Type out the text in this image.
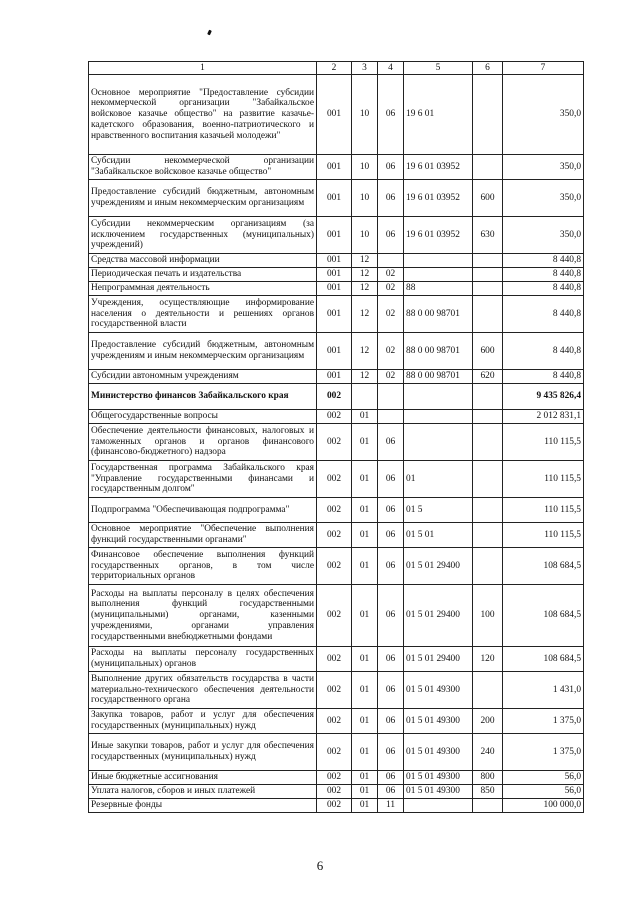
1	2	3	4	5	6	7
Основное мероприятие "Предоставление субсидии некоммерческой организации "Забайкальское войсковое казачье общество" на развитие казачье-кадетского образования, военно-патриотического и нравственного воспитания казачьей молодежи"	001	10	06	19 6 01		350,0
Субсидии некоммерческой организации "Забайкальское войсковое казачье общество"	001	10	06	19 6 01 03952		350,0
Предоставление субсидий бюджетным, автономным учреждениям и иным некоммерческим организациям	001	10	06	19 6 01 03952	600	350,0
Субсидии некоммерческим организациям (за исключением государственных (муниципальных) учреждений)	001	10	06	19 6 01 03952	630	350,0
Средства массовой информации	001	12				8 440,8
Периодическая печать и издательства	001	12	02			8 440,8
Непрограммная деятельность	001	12	02	88		8 440,8
Учреждения, осуществляющие информирование населения о деятельности и решениях органов государственной власти	001	12	02	88 0 00 98701		8 440,8
Предоставление субсидий бюджетным, автономным учреждениям и иным некоммерческим организациям	001	12	02	88 0 00 98701	600	8 440,8
Субсидии автономным учреждениям	001	12	02	88 0 00 98701	620	8 440,8
Министерство финансов Забайкальского края	002					9 435 826,4
Общегосударственные вопросы	002	01				2 012 831,1
Обеспечение деятельности финансовых, налоговых и таможенных органов и органов финансового (финансово-бюджетного) надзора	002	01	06			110 115,5
Государственная программа Забайкальского края "Управление государственными финансами и государственным долгом"	002	01	06	01		110 115,5
Подпрограмма "Обеспечивающая подпрограмма"	002	01	06	01 5		110 115,5
Основное мероприятие "Обеспечение выполнения функций государственными органами"	002	01	06	01 5 01		110 115,5
Финансовое обеспечение выполнения функций государственных органов, в том числе территориальных органов	002	01	06	01 5 01 29400		108 684,5
Расходы на выплаты персоналу в целях обеспечения выполнения функций государственными (муниципальными) органами, казенными учреждениями, органами управления государственными внебюджетными фондами	002	01	06	01 5 01 29400	100	108 684,5
Расходы на выплаты персоналу государственных (муниципальных) органов	002	01	06	01 5 01 29400	120	108 684,5
Выполнение других обязательств государства в части материально-технического обеспечения деятельности государственного органа	002	01	06	01 5 01 49300		1 431,0
Закупка товаров, работ и услуг для обеспечения государственных (муниципальных) нужд	002	01	06	01 5 01 49300	200	1 375,0
Иные закупки товаров, работ и услуг для обеспечения государственных (муниципальных) нужд	002	01	06	01 5 01 49300	240	1 375,0
Иные бюджетные ассигнования	002	01	06	01 5 01 49300	800	56,0
Уплата налогов, сборов и иных платежей	002	01	06	01 5 01 49300	850	56,0
Резервные фонды	002	01	11			100 000,0
6
